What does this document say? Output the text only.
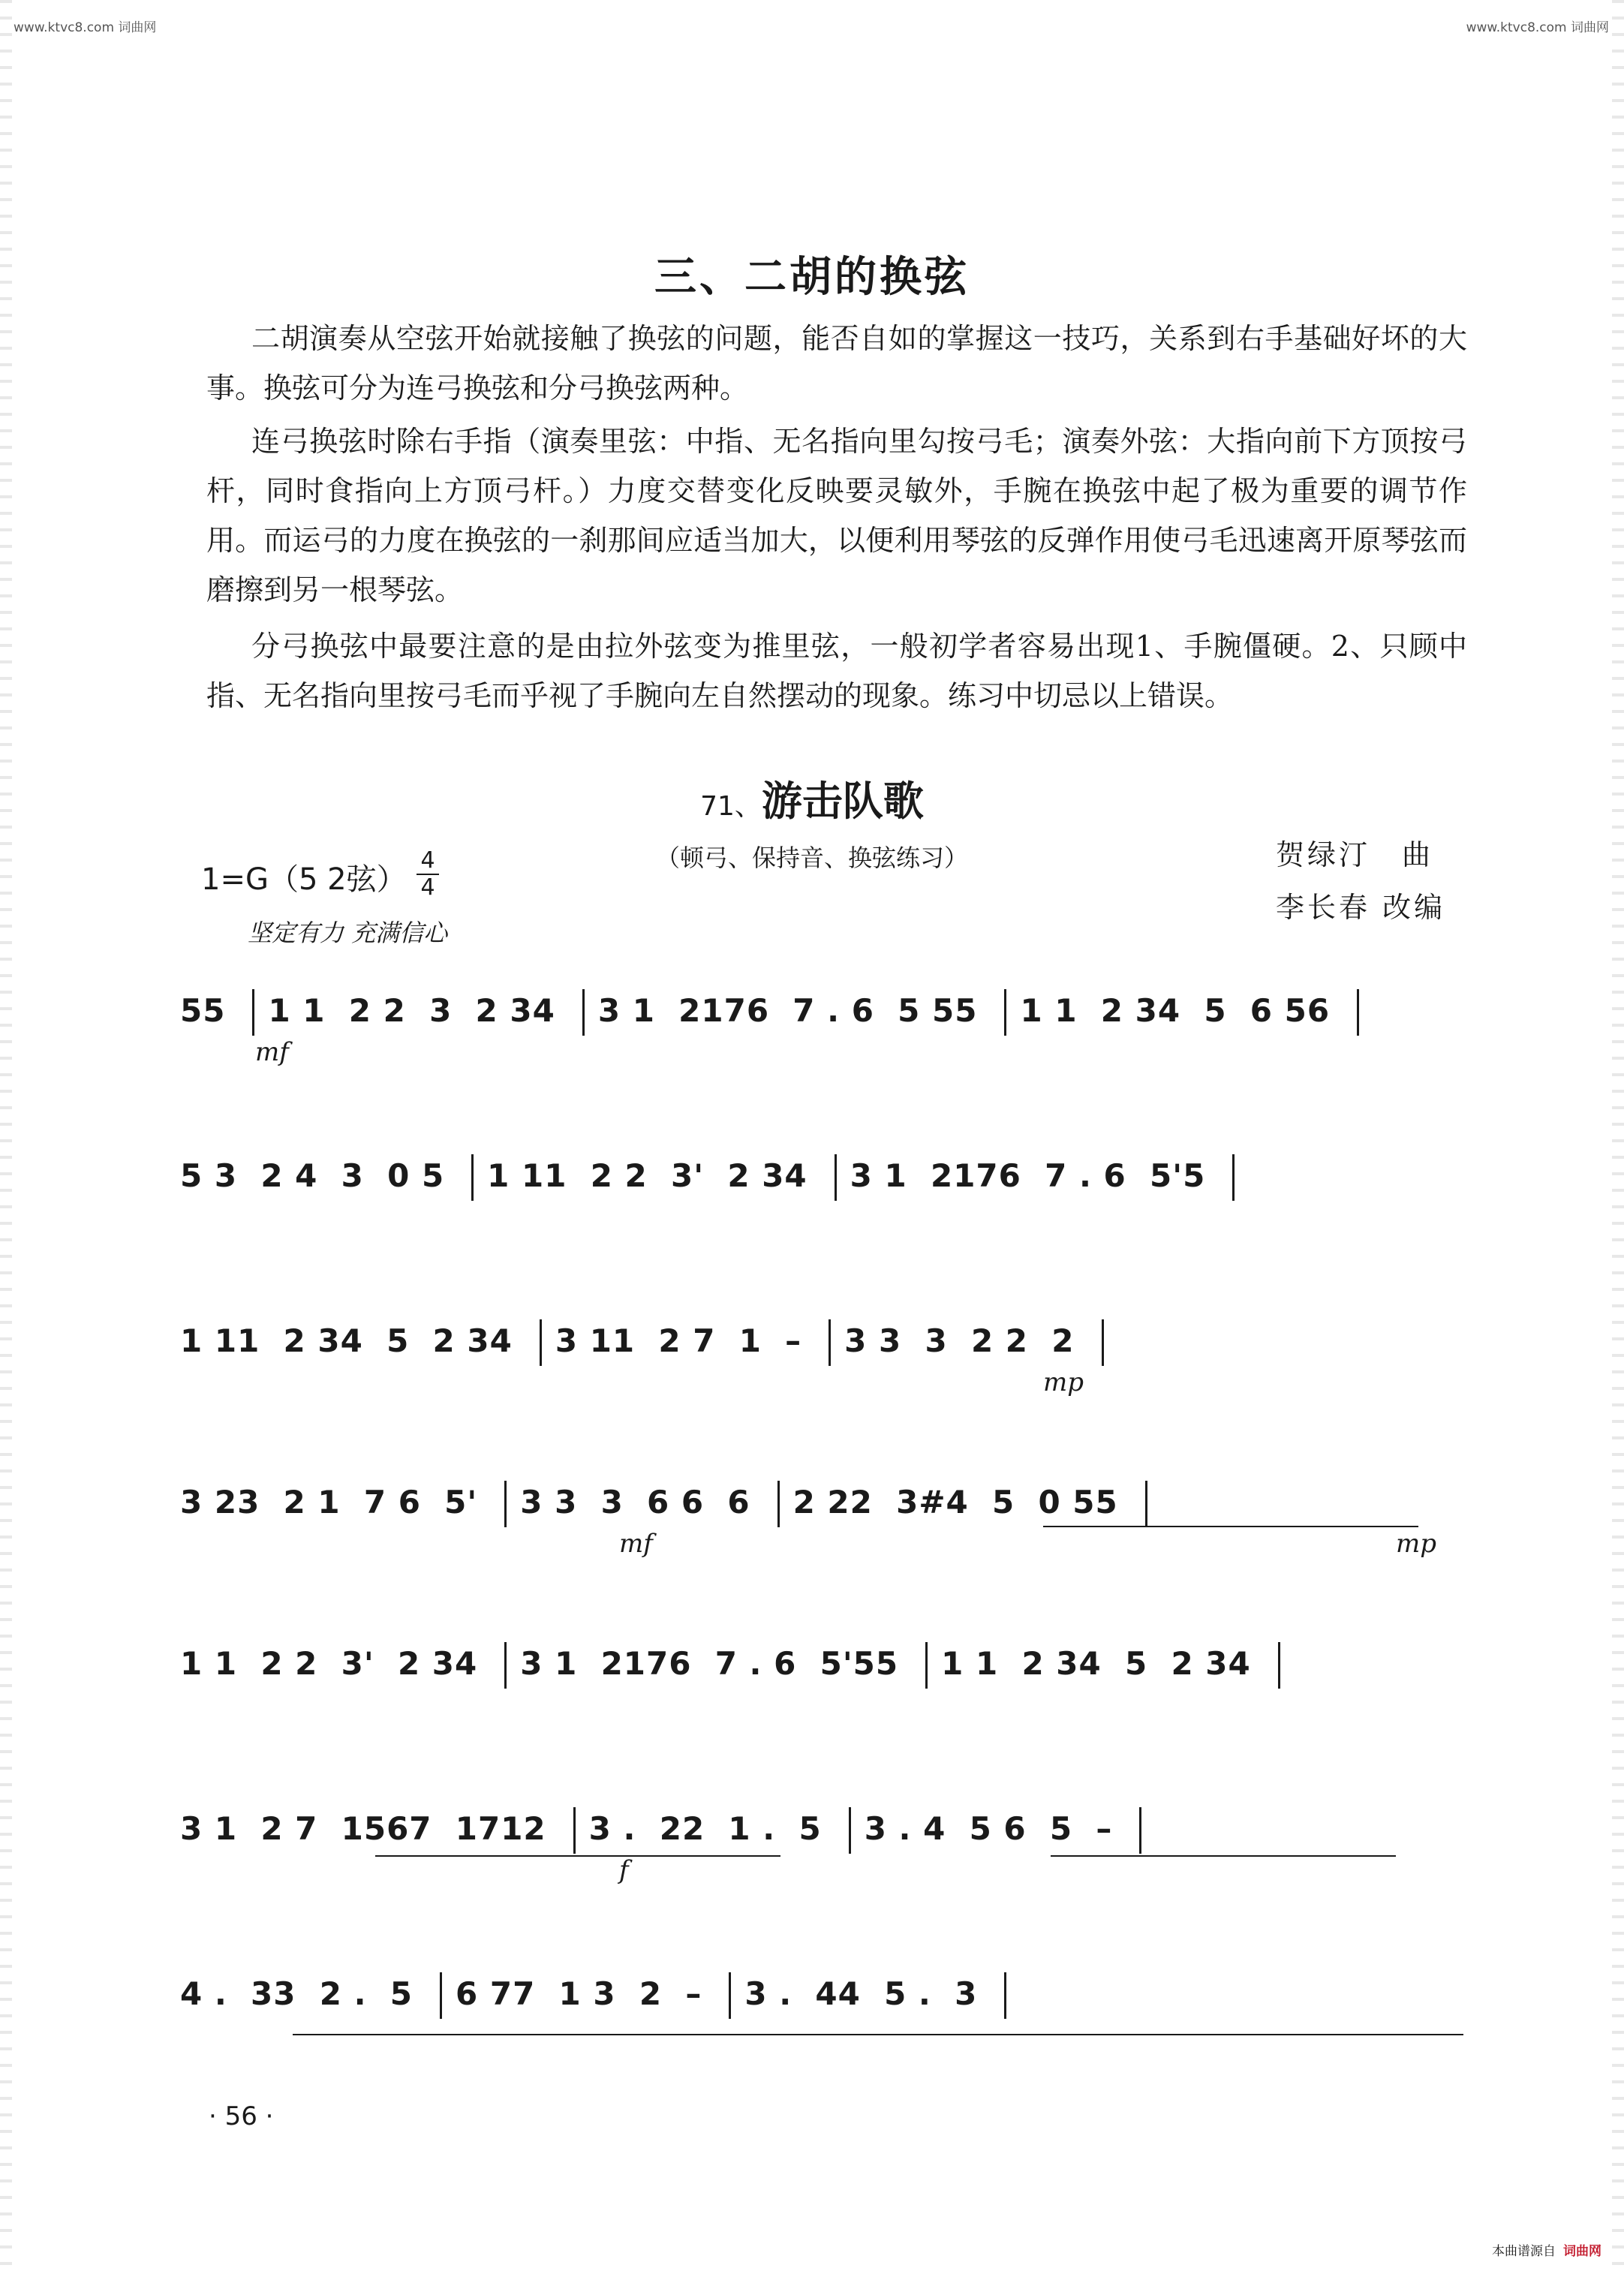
www.ktvc8.com 词曲网	www.ktvc8.com 词曲网
三、二胡的换弦

二胡演奏从空弦开始就接触了换弦的问题，能否自如的掌握这一技巧，关系到右手基础好坏的大事。换弦可分为连弓换弦和分弓换弦两种。

连弓换弦时除右手指（演奏里弦：中指、无名指向里勾按弓毛；演奏外弦：大指向前下方顶按弓杆，同时食指向上方顶弓杆。）力度交替变化反映要灵敏外，手腕在换弦中起了极为重要的调节作用。而运弓的力度在换弦的一刹那间应适当加大，以便利用琴弦的反弹作用使弓毛迅速离开原琴弦而磨擦到另一根琴弦。

分弓换弦中最要注意的是由拉外弦变为推里弦，一般初学者容易出现1、手腕僵硬。2、只顾中指、无名指向里按弓毛而乎视了手腕向左自然摆动的现象。练习中切忌以上错误。

71、游击队歌
（顿弓、保持音、换弦练习）
1=G（5 2弦）
4
4
坚定有力 充满信心
贺绿汀　曲
李长春 改编
55 1 1  2 2  3  2 34 3 1  2176  7 . 6  5 55 1 1  2 34  5  6 56
mf
5 3  2 4  3  0 5 1 11  2 2  3'  2 34 3 1  2176  7 . 6  5'5
1 11  2 34  5  2 34 3 11  2 7  1  – 3 3  3  2 2  2
mp
3 23  2 1  7 6  5' 3 3  3  6 6  6 2 22  3#4  5  0 55
mf	mp
1 1  2 2  3'  2 34 3 1  2176  7 . 6  5'55 1 1  2 34  5  2 34
3 1  2 7  1567  1712 3 .  22  1 .  5 3 . 4  5 6  5  –
f
4 .  33  2 .  5 6 77  1 3  2  – 3 .  44  5 .  3
· 56 ·
本曲谱源自 词曲网
